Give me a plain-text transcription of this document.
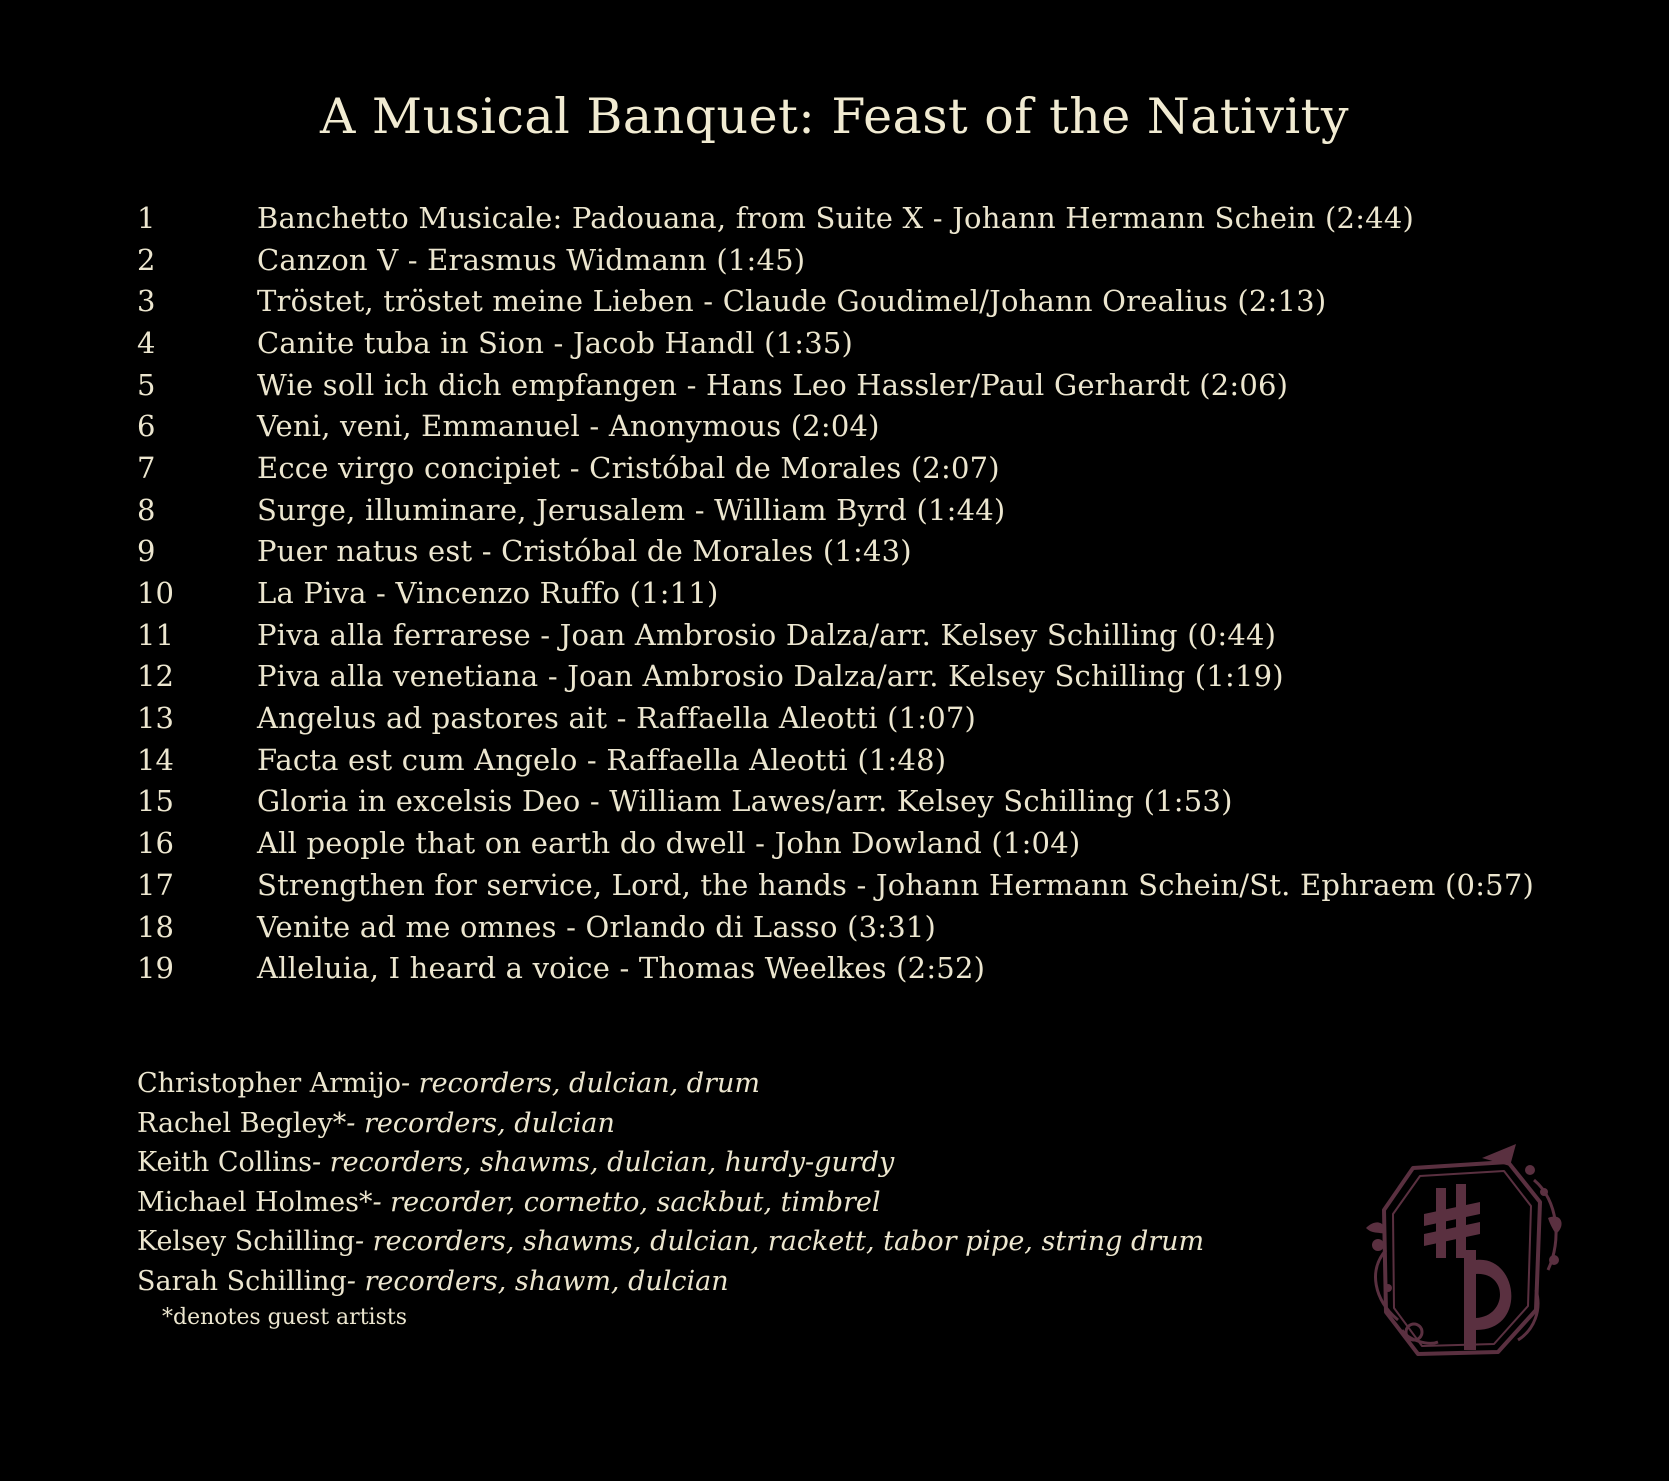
A Musical Banquet: Feast of the Nativity
1	Banchetto Musicale: Padouana, from Suite X - Johann Hermann Schein (2:44)
2	Canzon V - Erasmus Widmann (1:45)
3	Tröstet, tröstet meine Lieben - Claude Goudimel/Johann Orealius (2:13)
4	Canite tuba in Sion - Jacob Handl (1:35)
5	Wie soll ich dich empfangen - Hans Leo Hassler/Paul Gerhardt (2:06)
6	Veni, veni, Emmanuel - Anonymous (2:04)
7	Ecce virgo concipiet - Cristóbal de Morales (2:07)
8	Surge, illuminare, Jerusalem - William Byrd (1:44)
9	Puer natus est - Cristóbal de Morales (1:43)
10	La Piva - Vincenzo Ruffo (1:11)
11	Piva alla ferrarese - Joan Ambrosio Dalza/arr. Kelsey Schilling (0:44)
12	Piva alla venetiana - Joan Ambrosio Dalza/arr. Kelsey Schilling (1:19)
13	Angelus ad pastores ait - Raffaella Aleotti (1:07)
14	Facta est cum Angelo - Raffaella Aleotti (1:48)
15	Gloria in excelsis Deo - William Lawes/arr. Kelsey Schilling (1:53)
16	All people that on earth do dwell - John Dowland (1:04)
17	Strengthen for service, Lord, the hands - Johann Hermann Schein/St. Ephraem (0:57)
18	Venite ad me omnes - Orlando di Lasso (3:31)
19	Alleluia, I heard a voice - Thomas Weelkes (2:52)
Christopher Armijo - recorders, dulcian, drum
Rachel Begley* - recorders, dulcian
Keith Collins - recorders, shawms, dulcian, hurdy-gurdy
Michael Holmes* - recorder, cornetto, sackbut, timbrel
Kelsey Schilling - recorders, shawms, dulcian, rackett, tabor pipe, string drum
Sarah Schilling - recorders, shawm, dulcian
*denotes guest artists
